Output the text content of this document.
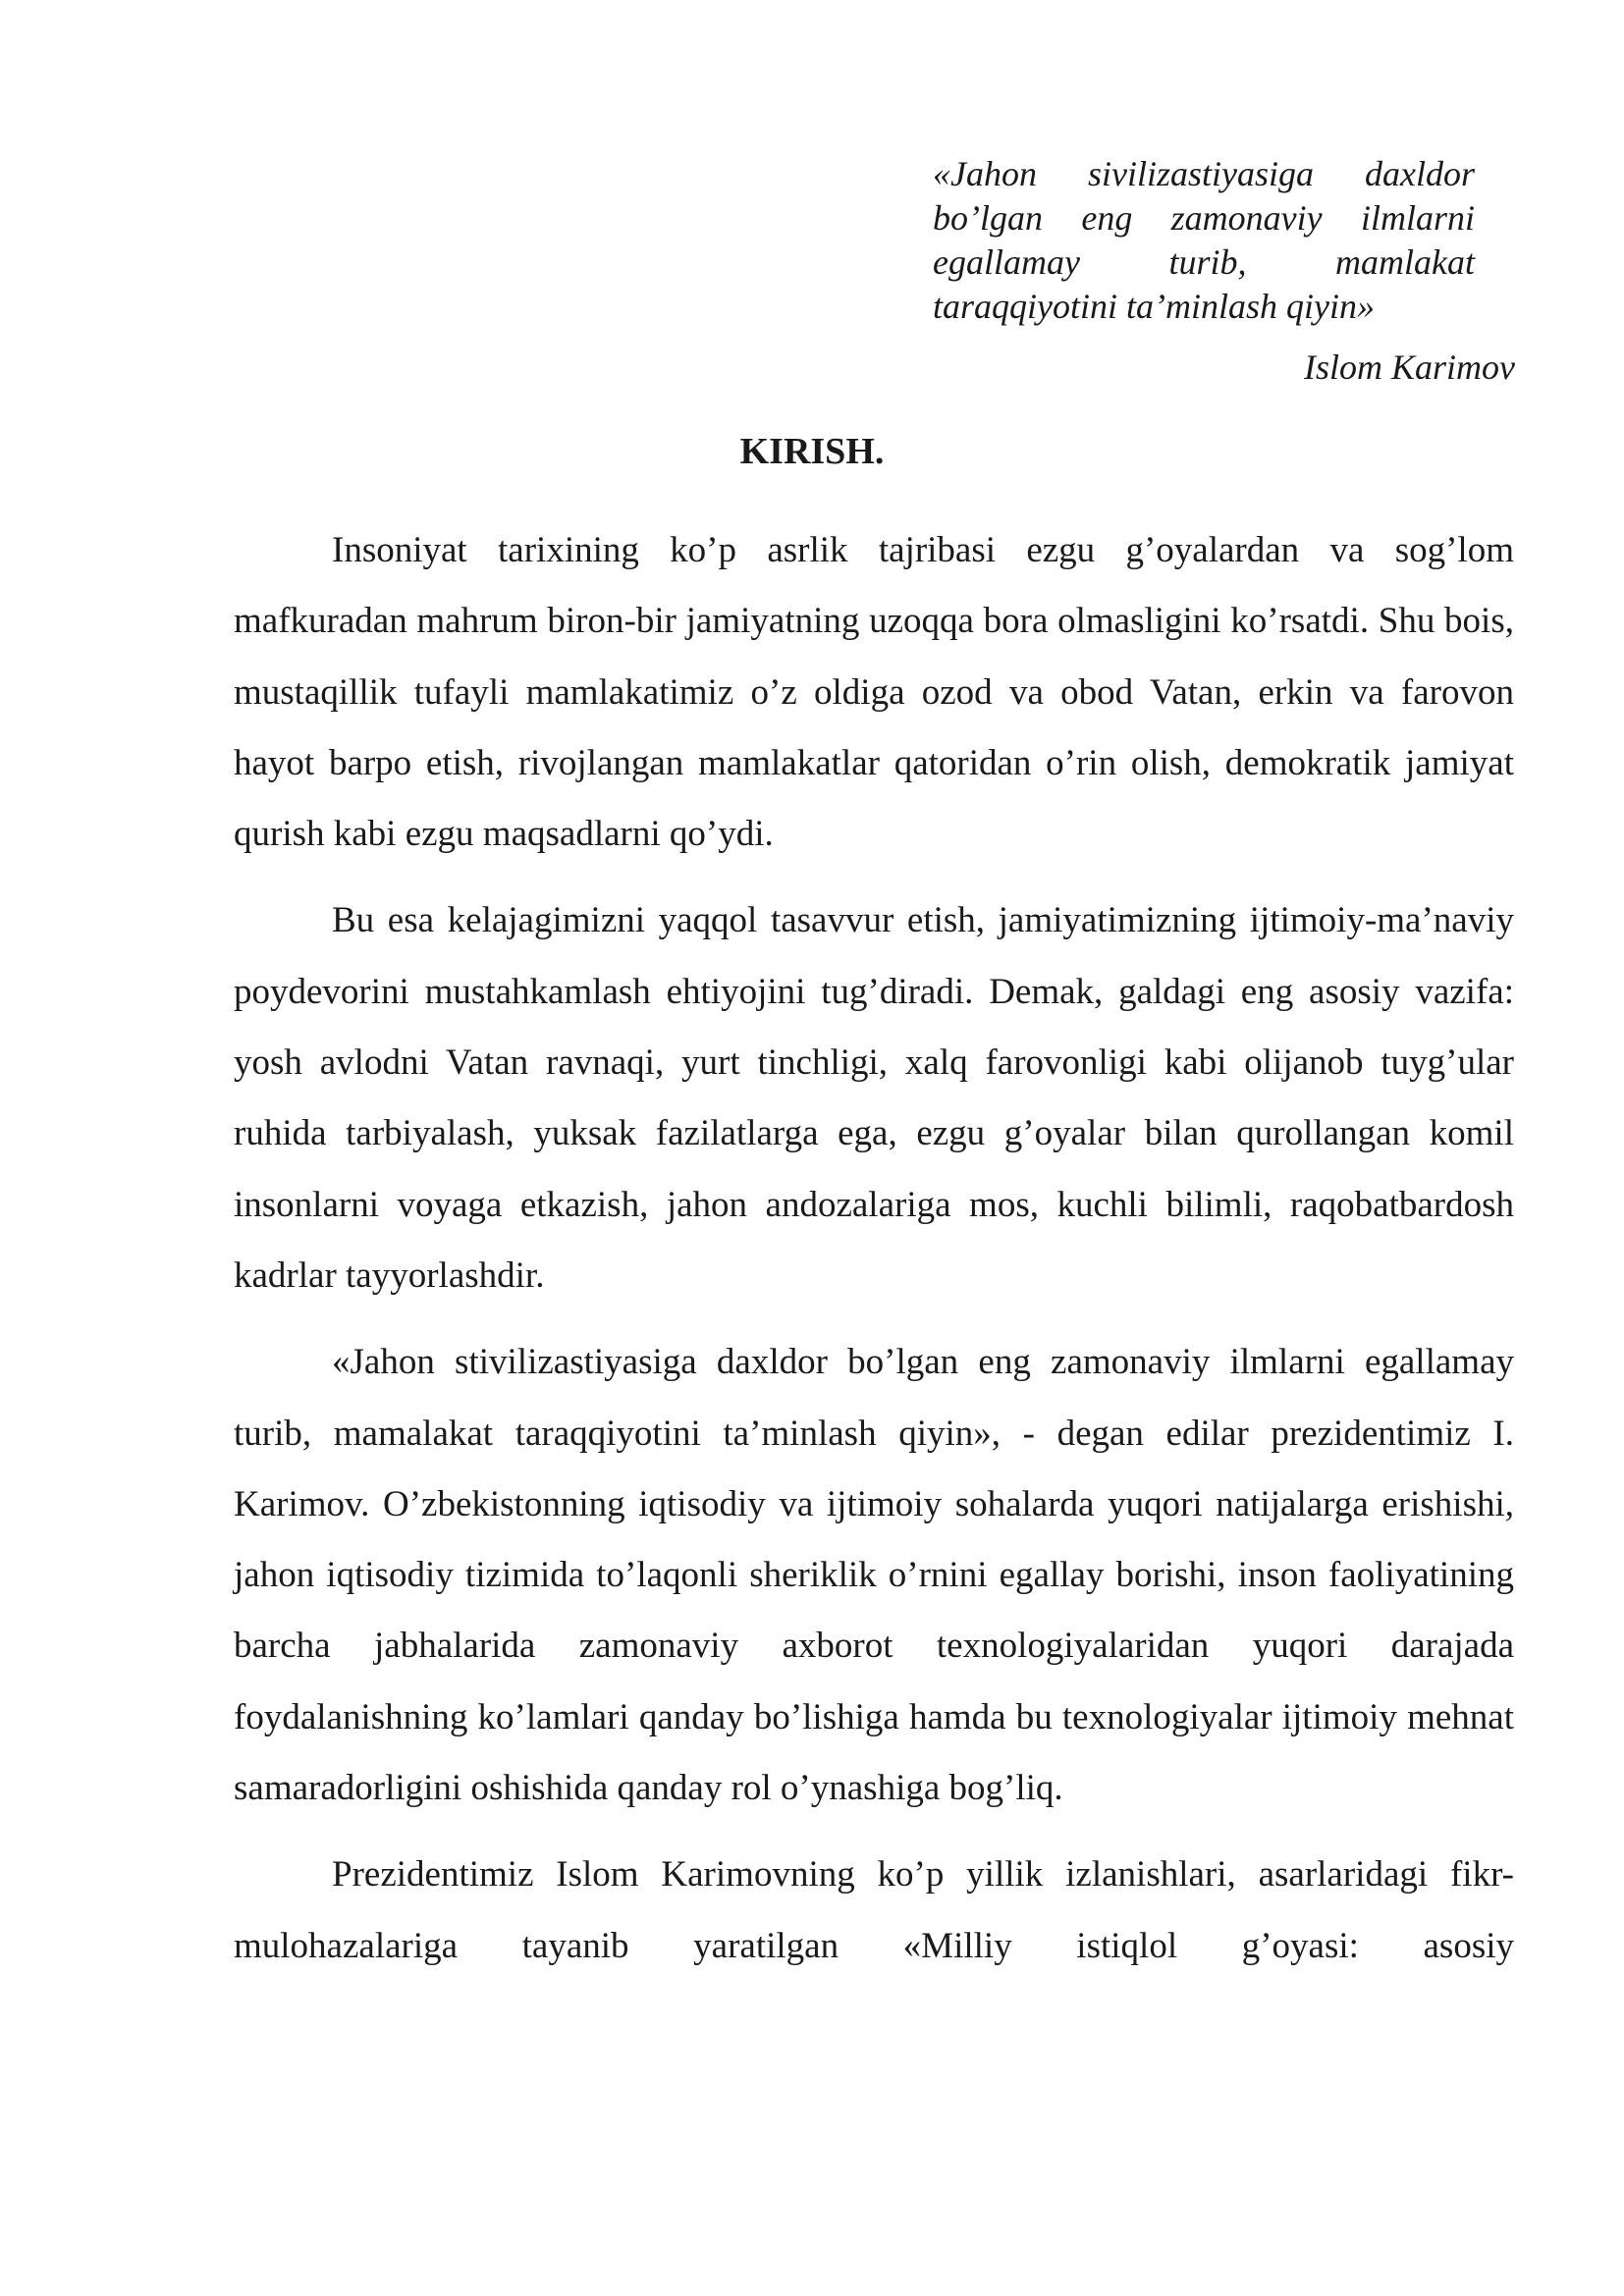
«Jahon sivilizastiyasiga daxldor bo’lgan eng zamonaviy ilmlarni egallamay turib, mamlakat taraqqiyotini ta’minlash qiyin»
Islom Karimov
KIRISH.

Insoniyat tarixining ko’p asrlik tajribasi ezgu g’oyalardan va sog’lom mafkuradan mahrum biron-bir jamiyatning uzoqqa bora olmasligini ko’rsatdi. Shu bois, mustaqillik tufayli mamlakatimiz o’z oldiga ozod va obod Vatan, erkin va farovon hayot barpo etish, rivojlangan mamlakatlar qatoridan o’rin olish, demokratik jamiyat qurish kabi ezgu maqsadlarni qo’ydi.

Bu esa kelajagimizni yaqqol tasavvur etish, jamiyatimizning ijtimoiy-ma’naviy poydevorini mustahkamlash ehtiyojini tug’diradi. Demak, galdagi eng asosiy vazifa: yosh avlodni Vatan ravnaqi, yurt tinchligi, xalq farovonligi kabi olijanob tuyg’ular ruhida tarbiyalash, yuksak fazilatlarga ega, ezgu g’oyalar bilan qurollangan komil insonlarni voyaga etkazish, jahon andozalariga mos, kuchli bilimli, raqobatbardosh kadrlar tayyorlashdir.

«Jahon stivilizastiyasiga daxldor bo’lgan eng zamonaviy ilmlarni egallamay turib, mamalakat taraqqiyotini ta’minlash qiyin», - degan edilar prezidentimiz I. Karimov. O’zbekistonning iqtisodiy va ijtimoiy sohalarda yuqori natijalarga erishishi, jahon iqtisodiy tizimida to’laqonli sheriklik o’rnini egallay borishi, inson faoliyatining barcha jabhalarida zamonaviy axborot texnologiyalaridan yuqori darajada foydalanishning ko’lamlari qanday bo’lishiga hamda bu texnologiyalar ijtimoiy mehnat samaradorligini oshishida qanday rol o’ynashiga bog’liq.

Prezidentimiz Islom Karimovning ko’p yillik izlanishlari, asarlaridagi fikr-mulohazalariga tayanib yaratilgan «Milliy istiqlol g’oyasi: asosiy
